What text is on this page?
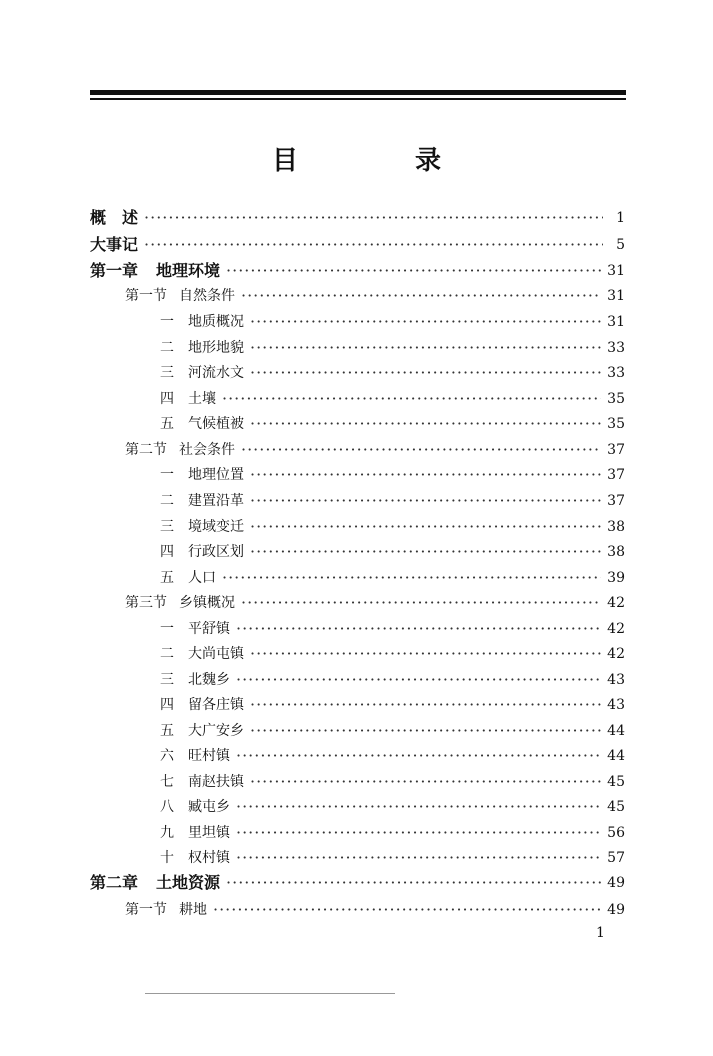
目 录
概　述 ·····	1
大事记 ·····	5
第一章 地理环境 ·····	31
第一节 自然条件 ·····	31
一 地质概况 ·····	31
二 地形地貌 ·····	33
三 河流水文 ·····	33
四 土壤 ·····	35
五 气候植被 ·····	35
第二节 社会条件 ·····	37
一 地理位置 ·····	37
二 建置沿革 ·····	37
三 境域变迁 ·····	38
四 行政区划 ·····	38
五 人口 ·····	39
第三节 乡镇概况 ·····	42
一 平舒镇 ·····	42
二 大尚屯镇 ·····	42
三 北魏乡 ·····	43
四 留各庄镇 ·····	43
五 大广安乡 ·····	44
六 旺村镇 ·····	44
七 南赵扶镇 ·····	45
八 臧屯乡 ·····	45
九 里坦镇 ·····	56
十 权村镇 ·····	57
第二章 土地资源 ·····	49
第一节 耕地 ·····	49
1
